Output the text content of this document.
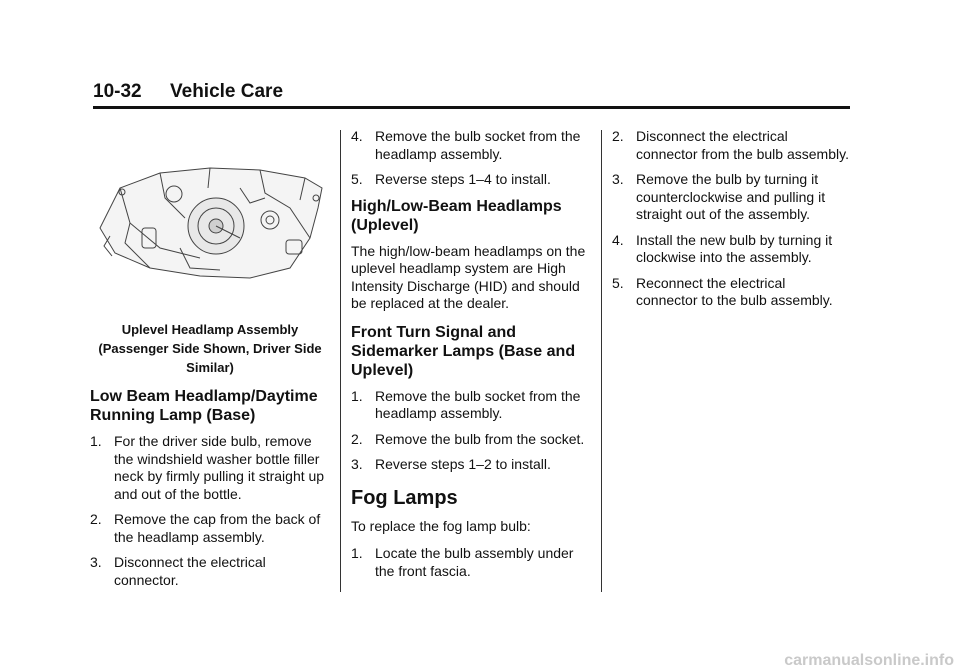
10-32 Vehicle Care
Uplevel Headlamp Assembly (Passenger Side Shown, Driver Side Similar)
Low Beam Headlamp/Daytime Running Lamp (Base)
1. For the driver side bulb, remove the windshield washer bottle filler neck by firmly pulling it straight up and out of the bottle.
2. Remove the cap from the back of the headlamp assembly.
3. Disconnect the electrical connector.
4. Remove the bulb socket from the headlamp assembly.
5. Reverse steps 1–4 to install.
High/Low-Beam Headlamps (Uplevel)

The high/low-beam headlamps on the uplevel headlamp system are High Intensity Discharge (HID) and should be replaced at the dealer.

Front Turn Signal and Sidemarker Lamps (Base and Uplevel)
1. Remove the bulb socket from the headlamp assembly.
2. Remove the bulb from the socket.
3. Reverse steps 1–2 to install.
Fog Lamps

To replace the fog lamp bulb:

1. Locate the bulb assembly under the front fascia.
2. Disconnect the electrical connector from the bulb assembly.
3. Remove the bulb by turning it counterclockwise and pulling it straight out of the assembly.
4. Install the new bulb by turning it clockwise into the assembly.
5. Reconnect the electrical connector to the bulb assembly.
carmanualsonline.info
